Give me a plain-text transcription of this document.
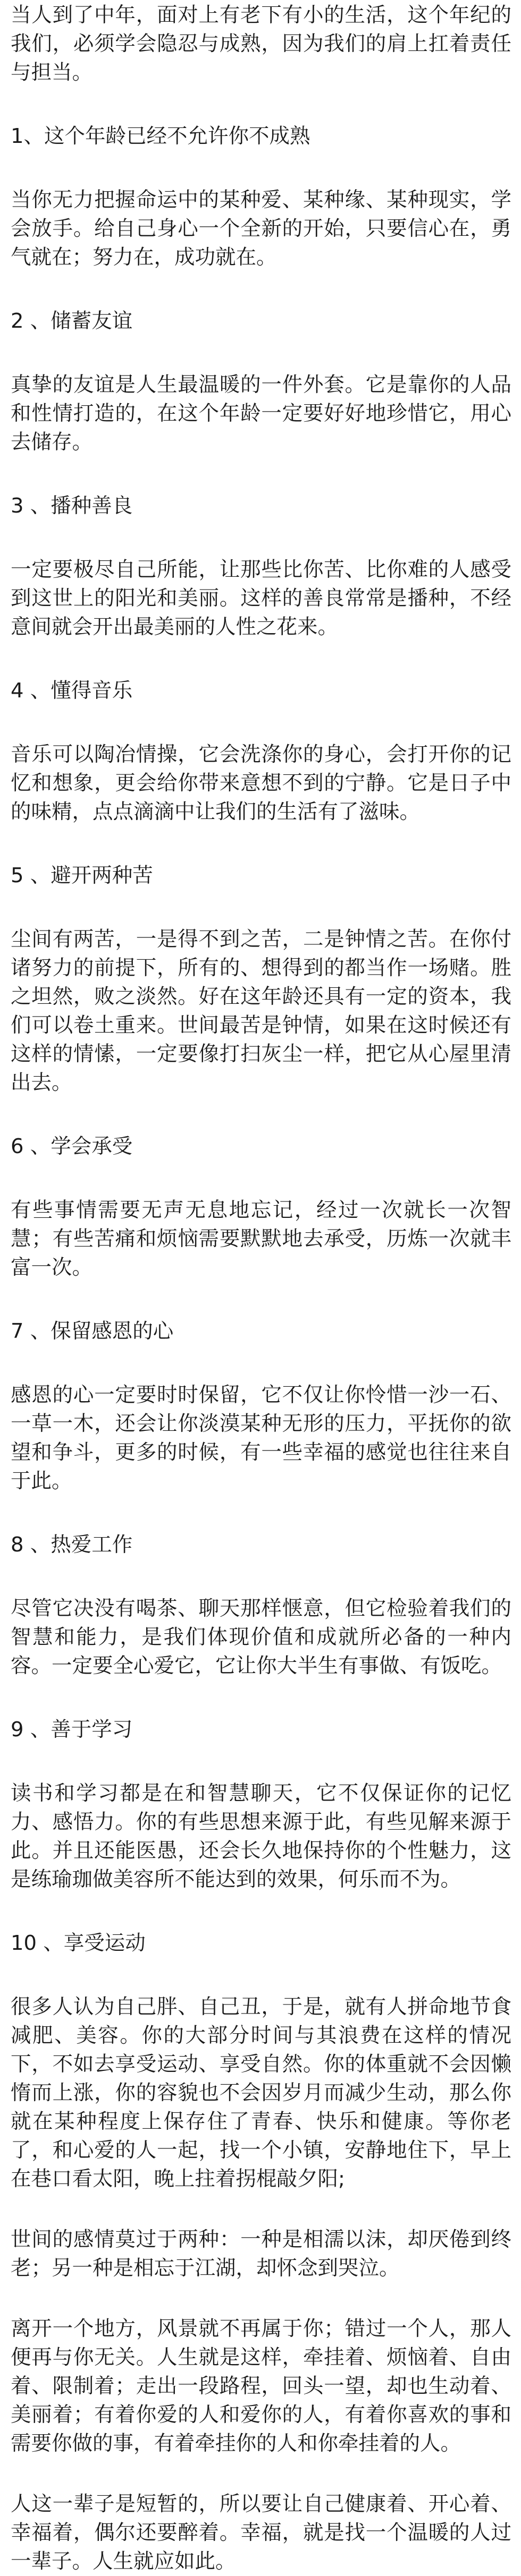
当人到了中年，面对上有老下有小的生活，这个年纪的我们，必须学会隐忍与成熟，因为我们的肩上扛着责任与担当。

1、这个年龄已经不允许你不成熟

当你无力把握命运中的某种爱、某种缘、某种现实，学会放手。给自己身心一个全新的开始，只要信心在，勇气就在；努力在，成功就在。

2 、储蓄友谊

真挚的友谊是人生最温暖的一件外套。它是靠你的人品和性情打造的，在这个年龄一定要好好地珍惜它，用心去储存。

3 、播种善良

一定要极尽自己所能，让那些比你苦、比你难的人感受到这世上的阳光和美丽。这样的善良常常是播种，不经意间就会开出最美丽的人性之花来。

4 、懂得音乐

音乐可以陶冶情操，它会洗涤你的身心，会打开你的记忆和想象，更会给你带来意想不到的宁静。它是日子中的味精，点点滴滴中让我们的生活有了滋味。

5 、避开两种苦

尘间有两苦，一是得不到之苦，二是钟情之苦。在你付诸努力的前提下，所有的、想得到的都当作一场赌。胜之坦然，败之淡然。好在这年龄还具有一定的资本，我们可以卷土重来。世间最苦是钟情，如果在这时候还有这样的情愫，一定要像打扫灰尘一样，把它从心屋里清出去。

6 、学会承受

有些事情需要无声无息地忘记，经过一次就长一次智慧；有些苦痛和烦恼需要默默地去承受，历炼一次就丰富一次。

7 、保留感恩的心

感恩的心一定要时时保留，它不仅让你怜惜一沙一石、一草一木，还会让你淡漠某种无形的压力，平抚你的欲望和争斗，更多的时候，有一些幸福的感觉也往往来自于此。

8 、热爱工作

尽管它决没有喝茶、聊天那样惬意，但它检验着我们的智慧和能力，是我们体现价值和成就所必备的一种内容。一定要全心爱它，它让你大半生有事做、有饭吃。

9 、善于学习

读书和学习都是在和智慧聊天，它不仅保证你的记忆力、感悟力。你的有些思想来源于此，有些见解来源于此。并且还能医愚，还会长久地保持你的个性魅力，这是练瑜珈做美容所不能达到的效果，何乐而不为。

10 、享受运动

很多人认为自己胖、自己丑，于是，就有人拼命地节食减肥、美容。你的大部分时间与其浪费在这样的情况下，不如去享受运动、享受自然。你的体重就不会因懒惰而上涨，你的容貌也不会因岁月而减少生动，那么你就在某种程度上保存住了青春、快乐和健康。等你老了，和心爱的人一起，找一个小镇，安静地住下，早上在巷口看太阳，晚上拄着拐棍敲夕阳;

世间的感情莫过于两种：一种是相濡以沫，却厌倦到终老；另一种是相忘于江湖，却怀念到哭泣。

离开一个地方，风景就不再属于你；错过一个人，那人便再与你无关。人生就是这样，牵挂着、烦恼着、自由着、限制着；走出一段路程，回头一望，却也生动着、美丽着；有着你爱的人和爱你的人，有着你喜欢的事和需要你做的事，有着牵挂你的人和你牵挂着的人。

人这一辈子是短暂的，所以要让自己健康着、开心着、幸福着，偶尔还要醉着。幸福，就是找一个温暖的人过一辈子。人生就应如此。
